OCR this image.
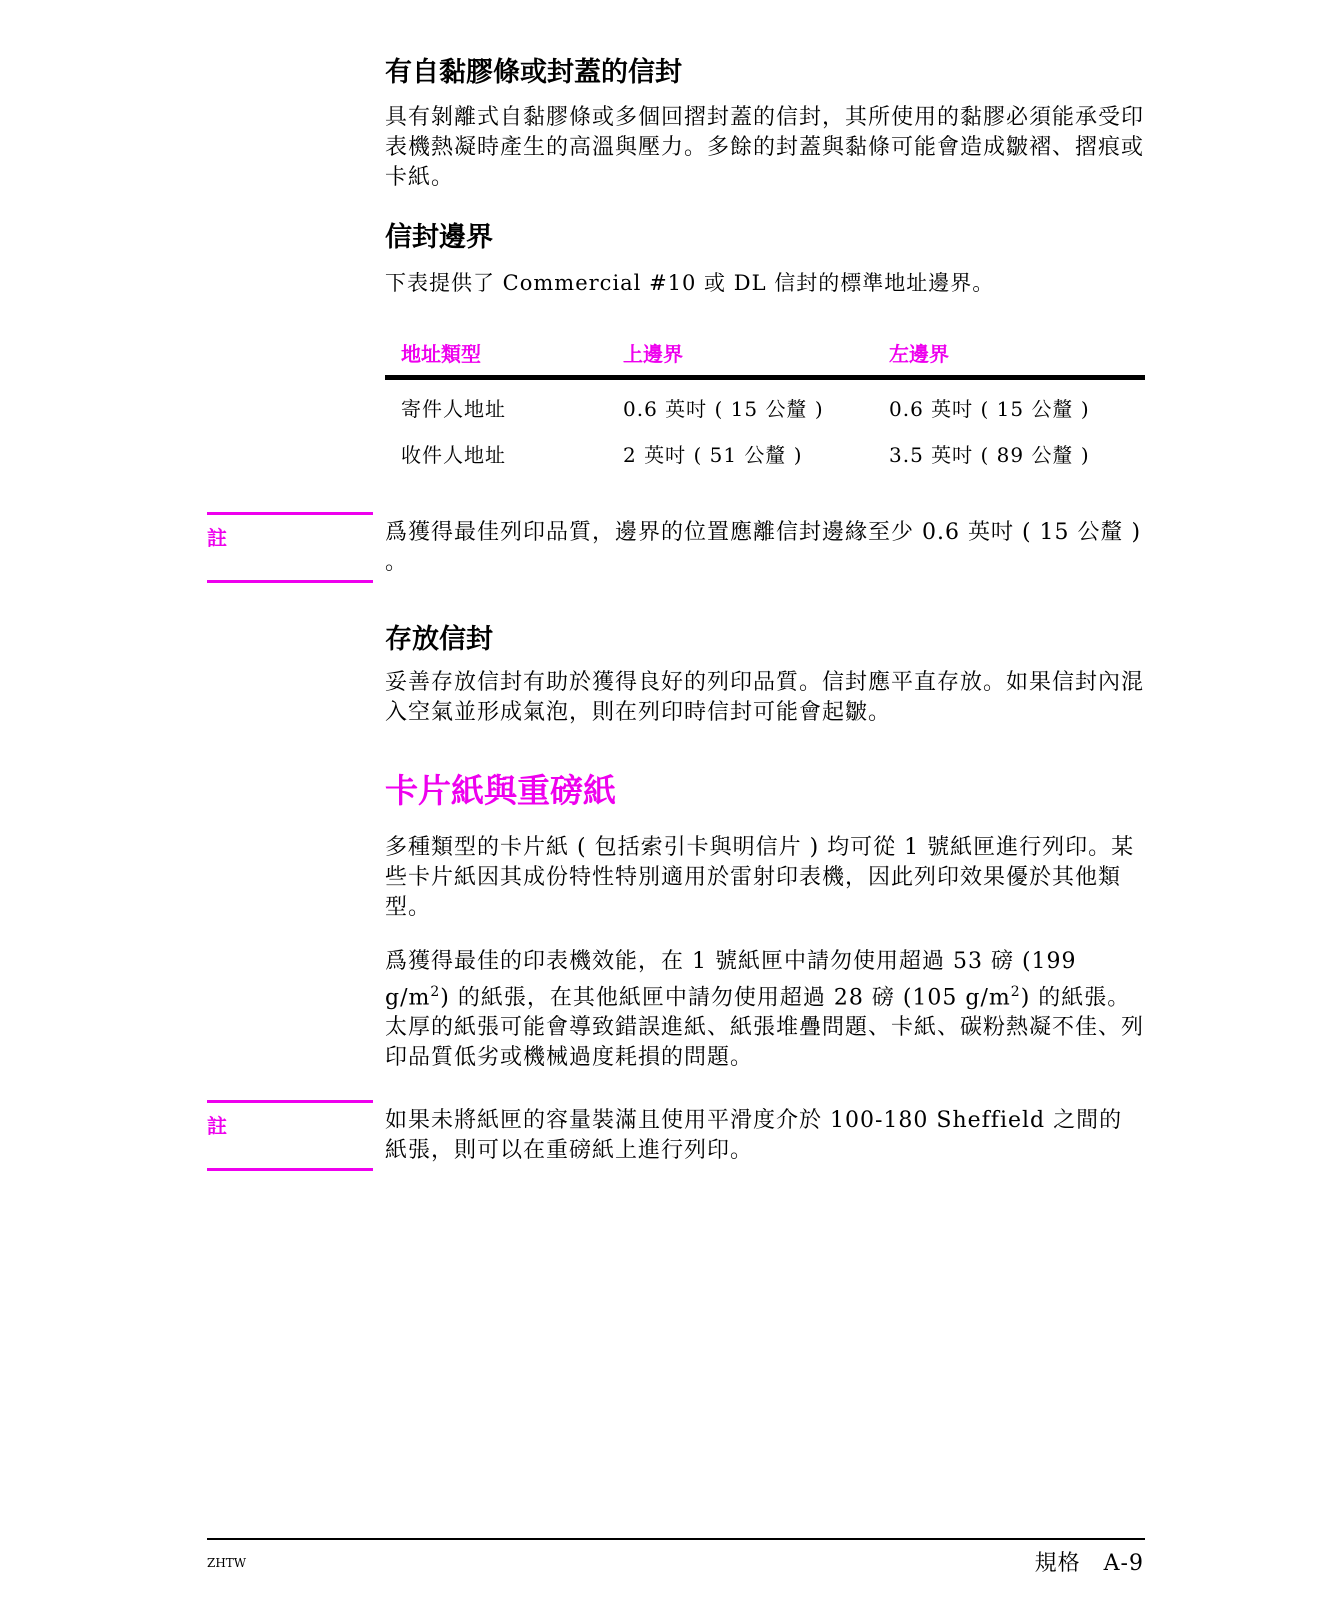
有自黏膠條或封蓋的信封
具有剝離式自黏膠條或多個回摺封蓋的信封，其所使用的黏膠必須能承受印表機熱凝時產生的高溫與壓力。多餘的封蓋與黏條可能會造成皺褶、摺痕或卡紙。
信封邊界
下表提供了 Commercial #10 或 DL 信封的標準地址邊界。
地址類型	上邊界	左邊界
寄件人地址	0.6 英吋 ( 15 公釐 )	0.6 英吋 ( 15 公釐 )
收件人地址	2 英吋 ( 51 公釐 )	3.5 英吋 ( 89 公釐 )
註	爲獲得最佳列印品質，邊界的位置應離信封邊緣至少 0.6 英吋 ( 15 公釐 ) 。
存放信封
妥善存放信封有助於獲得良好的列印品質。信封應平直存放。如果信封內混入空氣並形成氣泡，則在列印時信封可能會起皺。
卡片紙與重磅紙
多種類型的卡片紙 ( 包括索引卡與明信片 ) 均可從 1 號紙匣進行列印。某些卡片紙因其成份特性特別適用於雷射印表機，因此列印效果優於其他類型。
爲獲得最佳的印表機效能，在 1 號紙匣中請勿使用超過 53 磅 (199 $g/m^2$) 的紙張，在其他紙匣中請勿使用超過 28 磅 (105 $g/m^2$) 的紙張。太厚的紙張可能會導致錯誤進紙、紙張堆疊問題、卡紙、碳粉熱凝不佳、列印品質低劣或機械過度耗損的問題。
註	如果未將紙匣的容量裝滿且使用平滑度介於 100-180 Sheffield 之間的紙張，則可以在重磅紙上進行列印。
ZHTW	規格　A-9
